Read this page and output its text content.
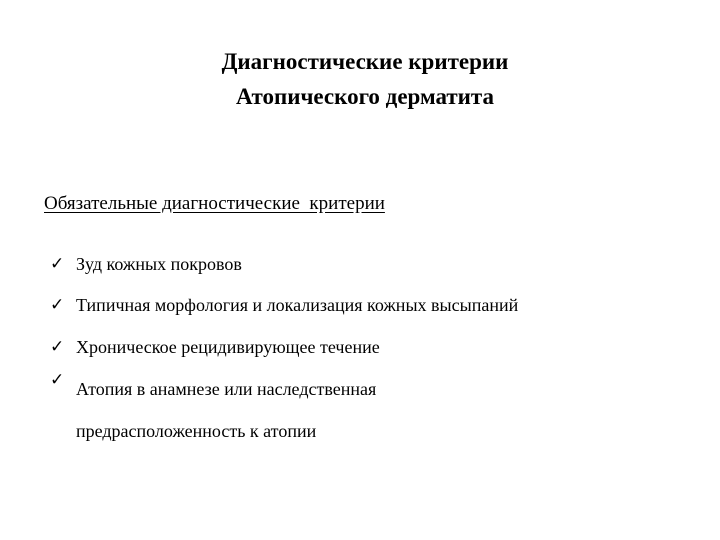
Диагностические критерии
Атопического дерматита
Обязательные диагностические  критерии
✓ Зуд кожных покровов
✓ Типичная морфология и локализация кожных высыпаний
✓ Хроническое рецидивирующее течение
✓ Атопия в анамнезе или наследственная предрасположенность к атопии
